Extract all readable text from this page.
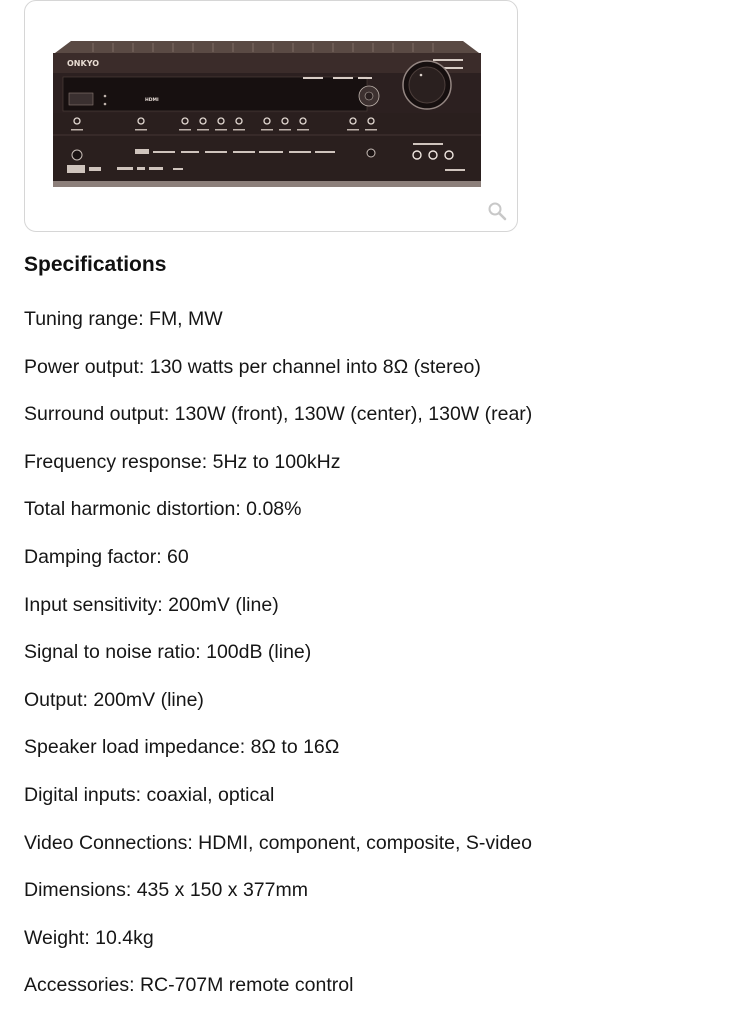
ONKYO
HDMI
Specifications
Tuning range: FM, MW
Power output: 130 watts per channel into 8Ω (stereo)
Surround output: 130W (front), 130W (center), 130W (rear)
Frequency response: 5Hz to 100kHz
Total harmonic distortion: 0.08%
Damping factor: 60
Input sensitivity: 200mV (line)
Signal to noise ratio: 100dB (line)
Output: 200mV (line)
Speaker load impedance: 8Ω to 16Ω
Digital inputs: coaxial, optical
Video Connections: HDMI, component, composite, S-video
Dimensions: 435 x 150 x 377mm
Weight: 10.4kg
Accessories: RC-707M remote control
